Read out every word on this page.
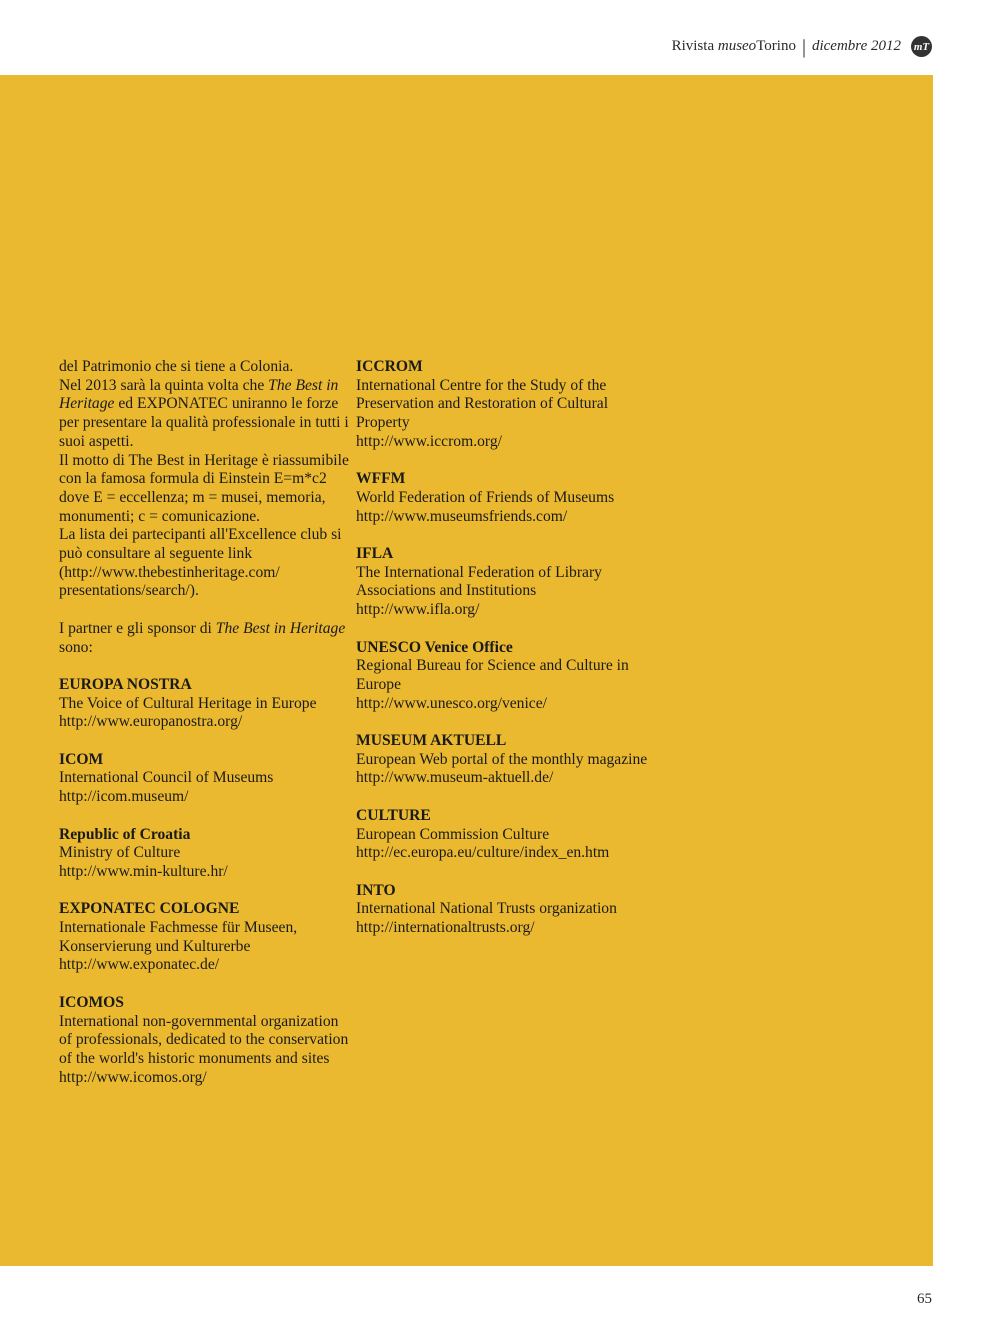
Rivista museoTorino | dicembre 2012 mT

del Patrimonio che si tiene a Colonia.

Nel 2013 sarà la quinta volta che The Best in Heritage ed EXPONATEC uniranno le forze per presentare la qualità professionale in tutti i suoi aspetti.

Il motto di The Best in Heritage è riassumibile con la famosa formula di Einstein E=m*c2 dove E = eccellenza; m = musei, memoria, monumenti; c = comunicazione.

La lista dei partecipanti all'Excellence club si può consultare al seguente link (http://www.thebestinheritage.com/ presentations/search/).

I partner e gli sponsor di The Best in Heritage sono:

EUROPA NOSTRA

The Voice of Cultural Heritage in Europe

http://www.europanostra.org/

ICOM

International Council of Museums

http://icom.museum/

Republic of Croatia

Ministry of Culture

http://www.min-kulture.hr/

EXPONATEC COLOGNE

Internationale Fachmesse für Museen, Konservierung und Kulturerbe

http://www.exponatec.de/

ICOMOS

International non-governmental organization of professionals, dedicated to the conservation of the world's historic monuments and sites

http://www.icomos.org/

ICCROM

International Centre for the Study of the Preservation and Restoration of Cultural Property

http://www.iccrom.org/

WFFM

World Federation of Friends of Museums

http://www.museumsfriends.com/

IFLA

The International Federation of Library Associations and Institutions

http://www.ifla.org/

UNESCO Venice Office

Regional Bureau for Science and Culture in Europe

http://www.unesco.org/venice/

MUSEUM AKTUELL

European Web portal of the monthly magazine

http://www.museum-aktuell.de/

CULTURE

European Commission Culture

http://ec.europa.eu/culture/index_en.htm

INTO

International National Trusts organization

http://internationaltrusts.org/

65
